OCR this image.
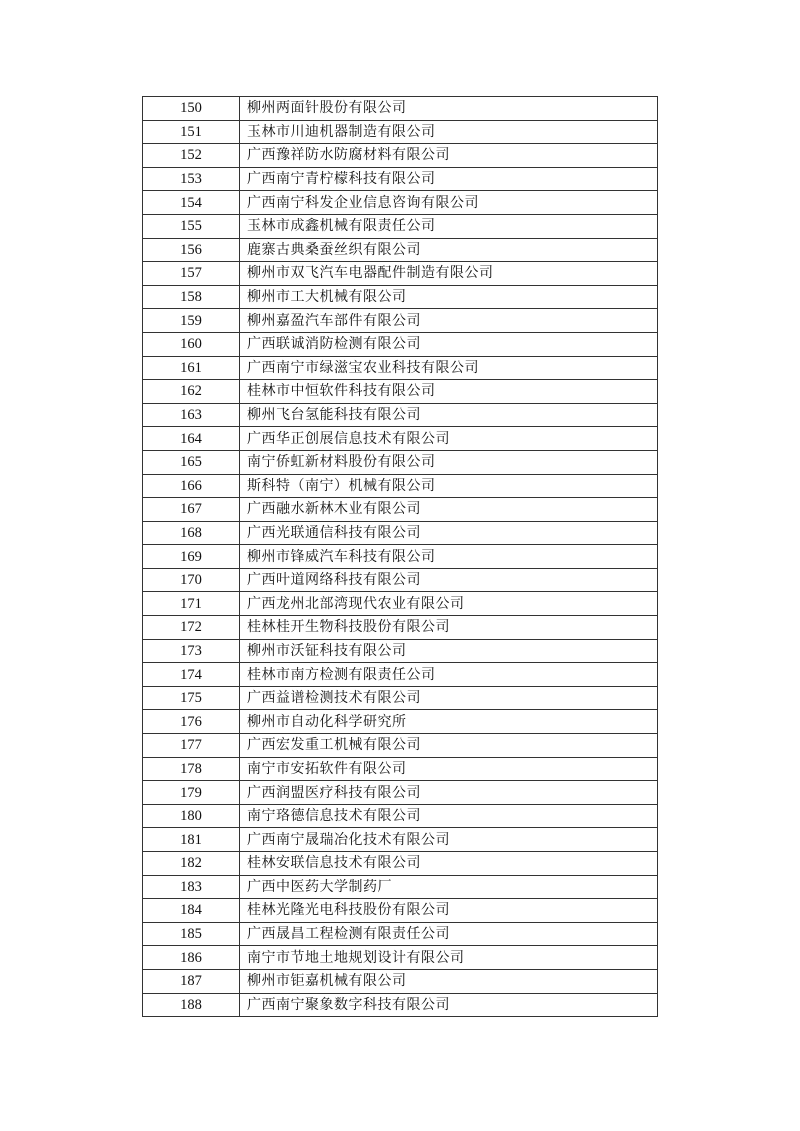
150	柳州两面针股份有限公司
151	玉林市川迪机器制造有限公司
152	广西豫祥防水防腐材料有限公司
153	广西南宁青柠檬科技有限公司
154	广西南宁科发企业信息咨询有限公司
155	玉林市成鑫机械有限责任公司
156	鹿寨古典桑蚕丝织有限公司
157	柳州市双飞汽车电器配件制造有限公司
158	柳州市工大机械有限公司
159	柳州嘉盈汽车部件有限公司
160	广西联诚消防检测有限公司
161	广西南宁市绿滋宝农业科技有限公司
162	桂林市中恒软件科技有限公司
163	柳州飞台氢能科技有限公司
164	广西华正创展信息技术有限公司
165	南宁侨虹新材料股份有限公司
166	斯科特（南宁）机械有限公司
167	广西融水新林木业有限公司
168	广西光联通信科技有限公司
169	柳州市锋威汽车科技有限公司
170	广西叶道网络科技有限公司
171	广西龙州北部湾现代农业有限公司
172	桂林桂开生物科技股份有限公司
173	柳州市沃钲科技有限公司
174	桂林市南方检测有限责任公司
175	广西益谱检测技术有限公司
176	柳州市自动化科学研究所
177	广西宏发重工机械有限公司
178	南宁市安拓软件有限公司
179	广西润盟医疗科技有限公司
180	南宁珞德信息技术有限公司
181	广西南宁晟瑞冶化技术有限公司
182	桂林安联信息技术有限公司
183	广西中医药大学制药厂
184	桂林光隆光电科技股份有限公司
185	广西晟昌工程检测有限责任公司
186	南宁市节地土地规划设计有限公司
187	柳州市钜嘉机械有限公司
188	广西南宁聚象数字科技有限公司
